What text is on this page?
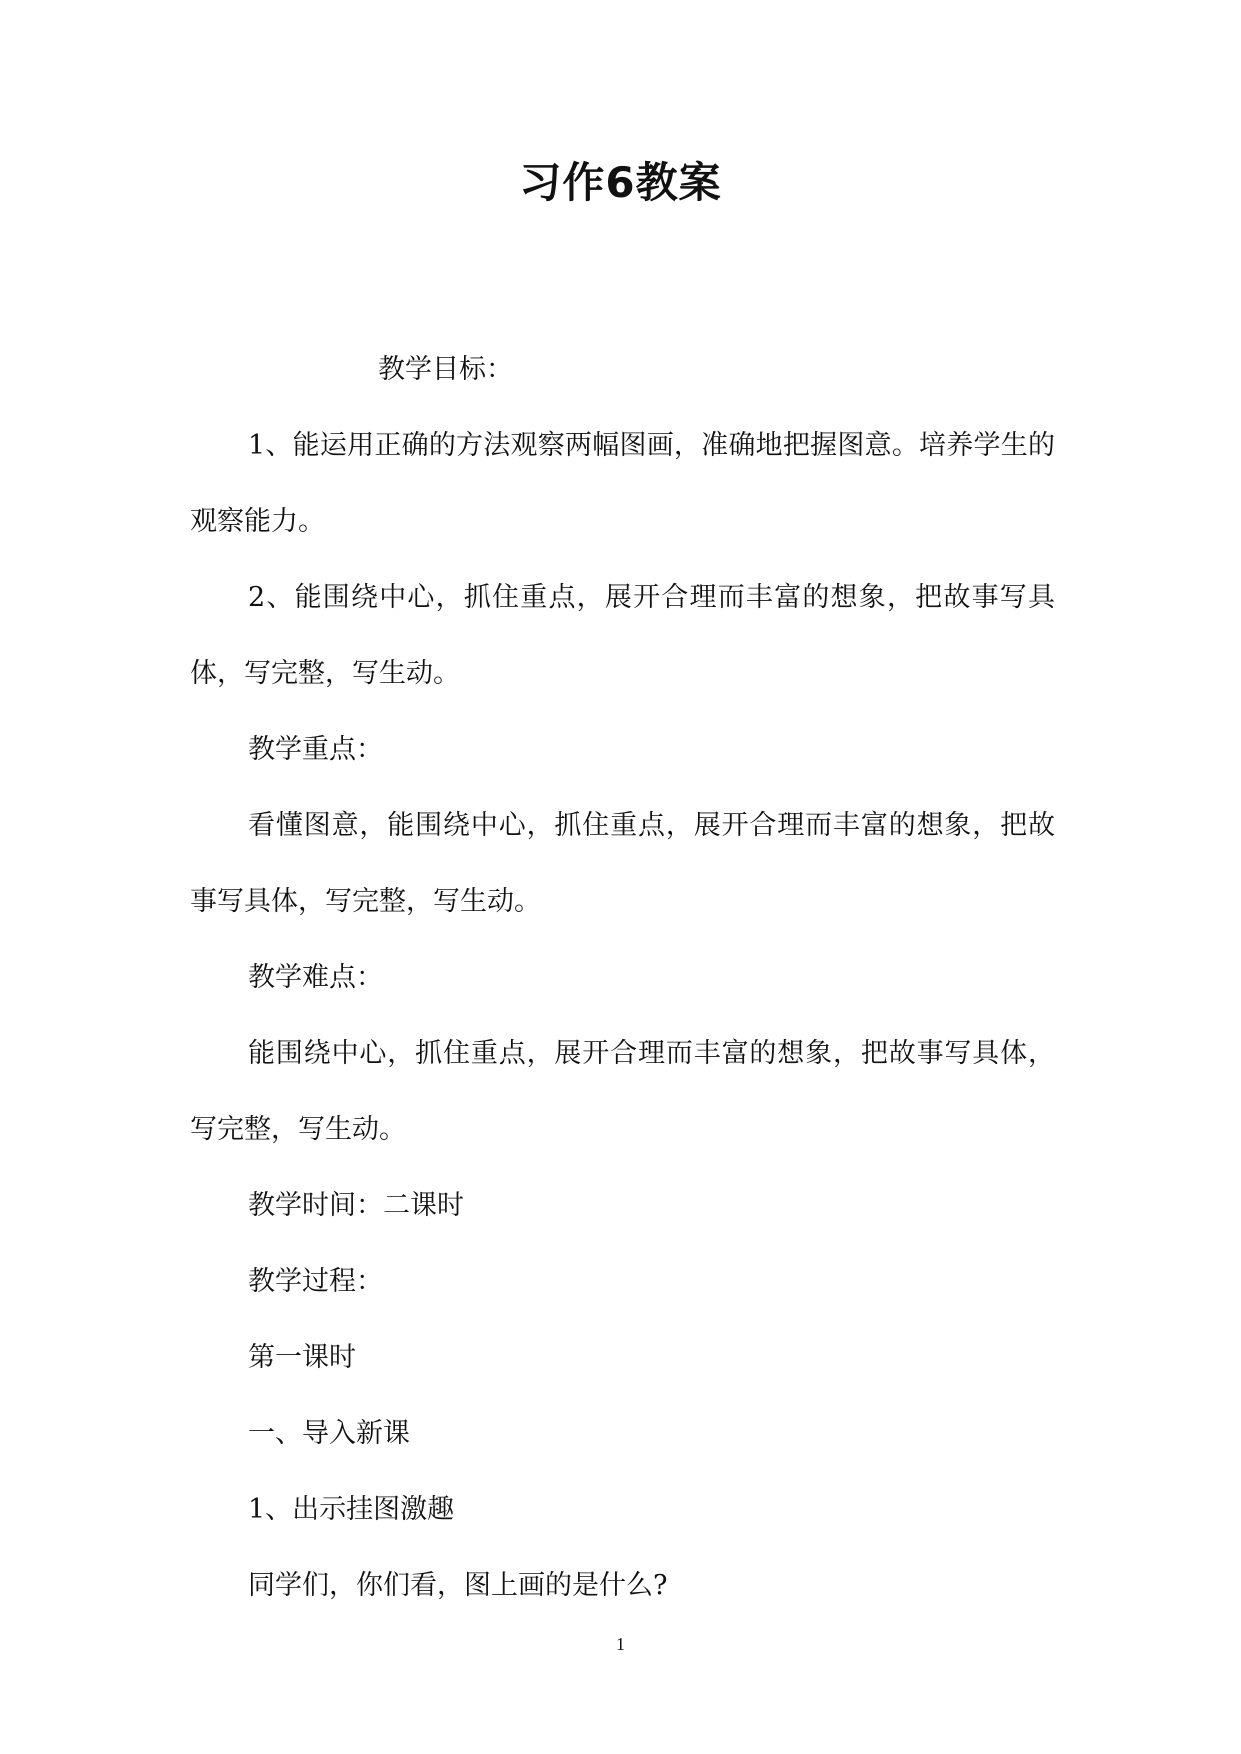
习作6教案

教学目标：

1、能运用正确的方法观察两幅图画，准确地把握图意。培养学生的观察能力。

2、能围绕中心，抓住重点，展开合理而丰富的想象，把故事写具体，写完整，写生动。

教学重点：

看懂图意，能围绕中心，抓住重点，展开合理而丰富的想象，把故事写具体，写完整，写生动。

教学难点：

能围绕中心，抓住重点，展开合理而丰富的想象，把故事写具体，写完整，写生动。

教学时间：二课时

教学过程：

第一课时

一、导入新课

1、出示挂图激趣

同学们，你们看，图上画的是什么?

1
